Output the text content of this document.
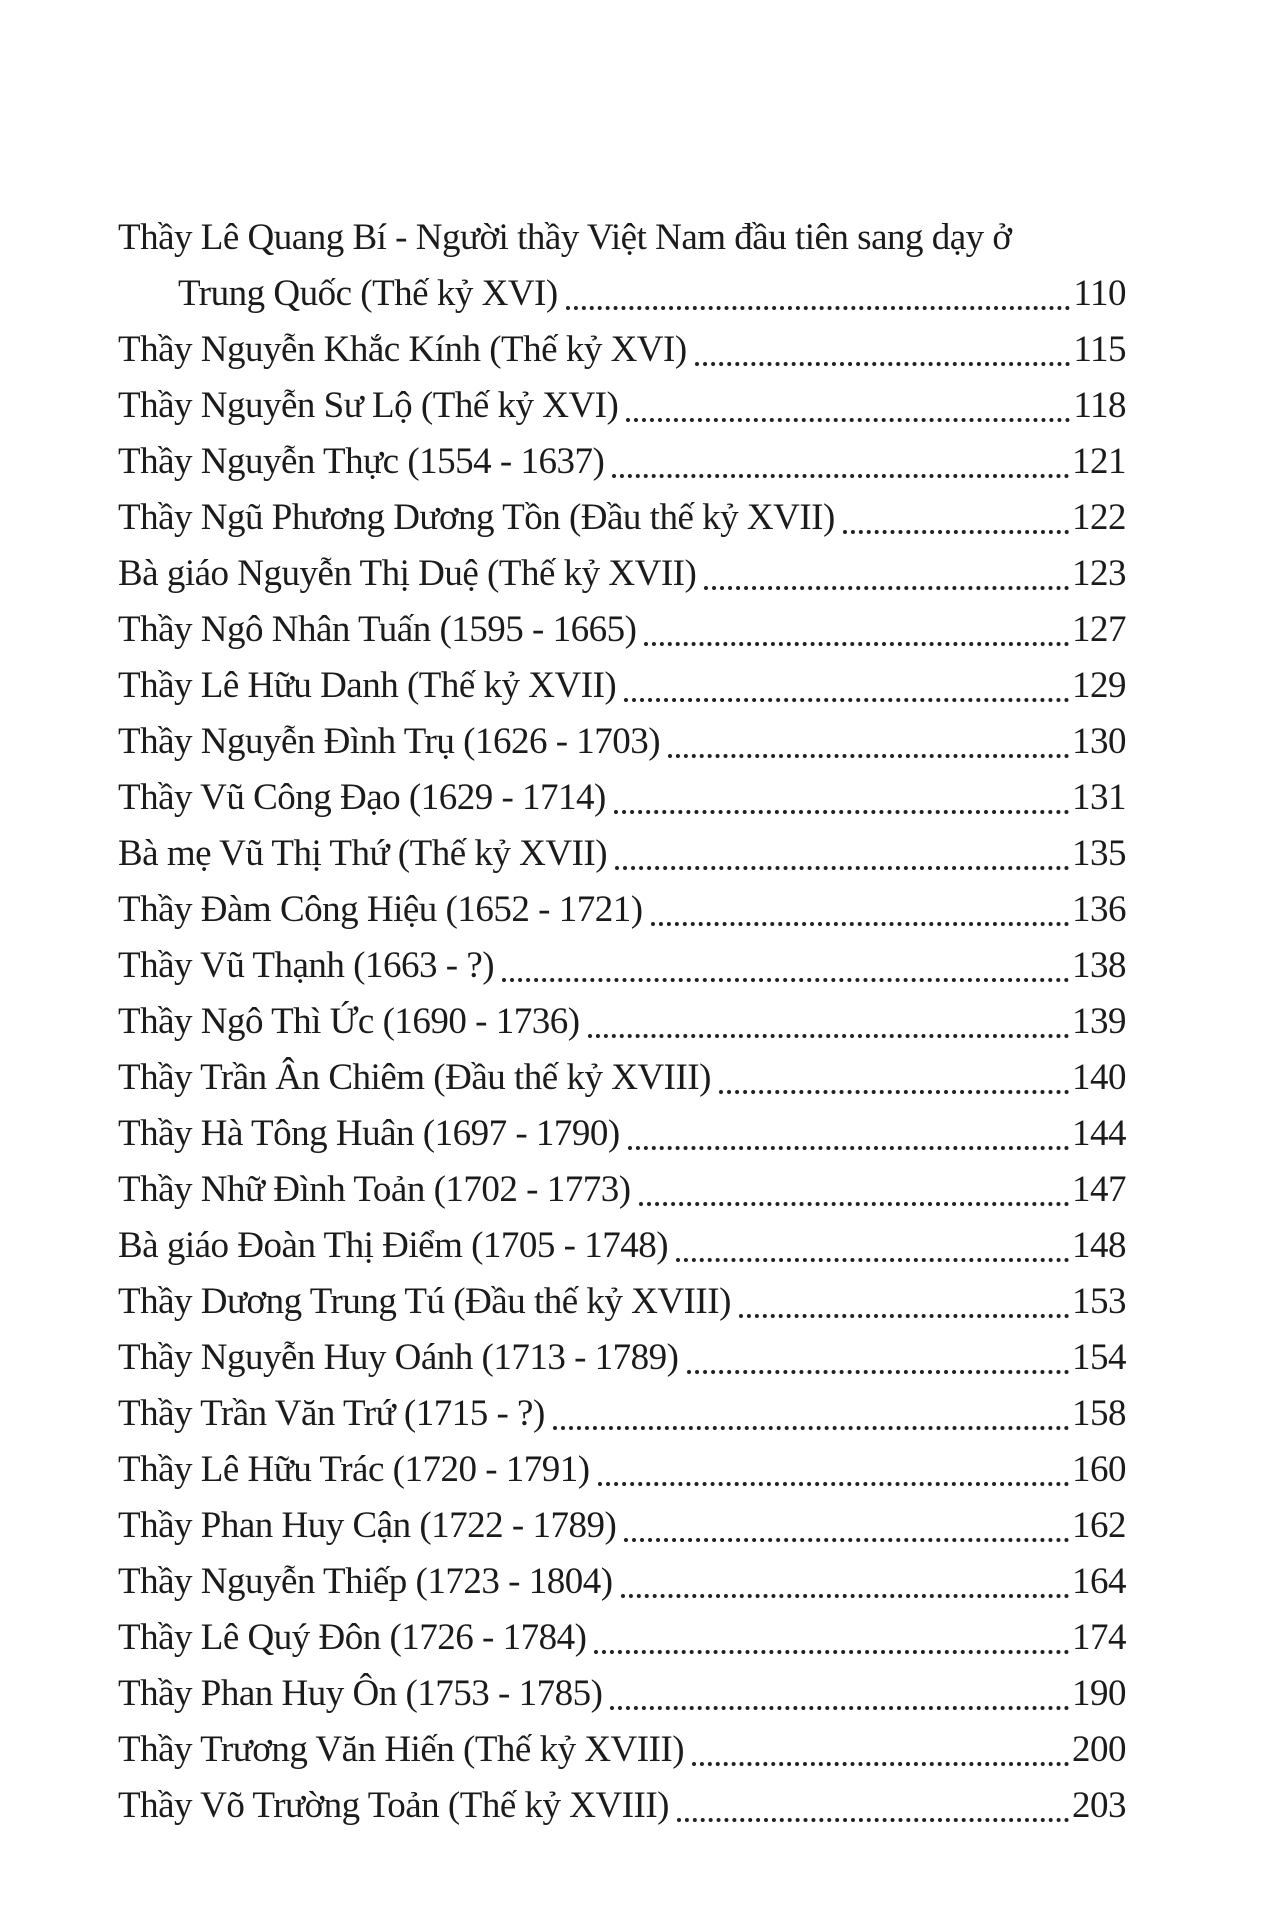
Thầy Lê Quang Bí - Người thầy Việt Nam đầu tiên sang dạy ở
Trung Quốc (Thế kỷ XVI)	110
Thầy Nguyễn Khắc Kính (Thế kỷ XVI)	115
Thầy Nguyễn Sư Lộ (Thế kỷ XVI)	118
Thầy Nguyễn Thực (1554 - 1637)	121
Thầy Ngũ Phương Dương Tồn (Đầu thế kỷ XVII)	122
Bà giáo Nguyễn Thị Duệ (Thế kỷ XVII)	123
Thầy Ngô Nhân Tuấn (1595 - 1665)	127
Thầy Lê Hữu Danh (Thế kỷ XVII)	129
Thầy Nguyễn Đình Trụ (1626 - 1703)	130
Thầy Vũ Công Đạo (1629 - 1714)	131
Bà mẹ Vũ Thị Thứ (Thế kỷ XVII)	135
Thầy Đàm Công Hiệu (1652 - 1721)	136
Thầy Vũ Thạnh (1663 - ?)	138
Thầy Ngô Thì Ức (1690 - 1736)	139
Thầy Trần Ân Chiêm (Đầu thế kỷ XVIII)	140
Thầy Hà Tông Huân (1697 - 1790)	144
Thầy Nhữ Đình Toản (1702 - 1773)	147
Bà giáo Đoàn Thị Điểm (1705 - 1748)	148
Thầy Dương Trung Tú (Đầu thế kỷ XVIII)	153
Thầy Nguyễn Huy Oánh (1713 - 1789)	154
Thầy Trần Văn Trứ (1715 - ?)	158
Thầy Lê Hữu Trác (1720 - 1791)	160
Thầy Phan Huy Cận (1722 - 1789)	162
Thầy Nguyễn Thiếp (1723 - 1804)	164
Thầy Lê Quý Đôn (1726 - 1784)	174
Thầy Phan Huy Ôn (1753 - 1785)	190
Thầy Trương Văn Hiến (Thế kỷ XVIII)	200
Thầy Võ Trường Toản (Thế kỷ XVIII)	203
